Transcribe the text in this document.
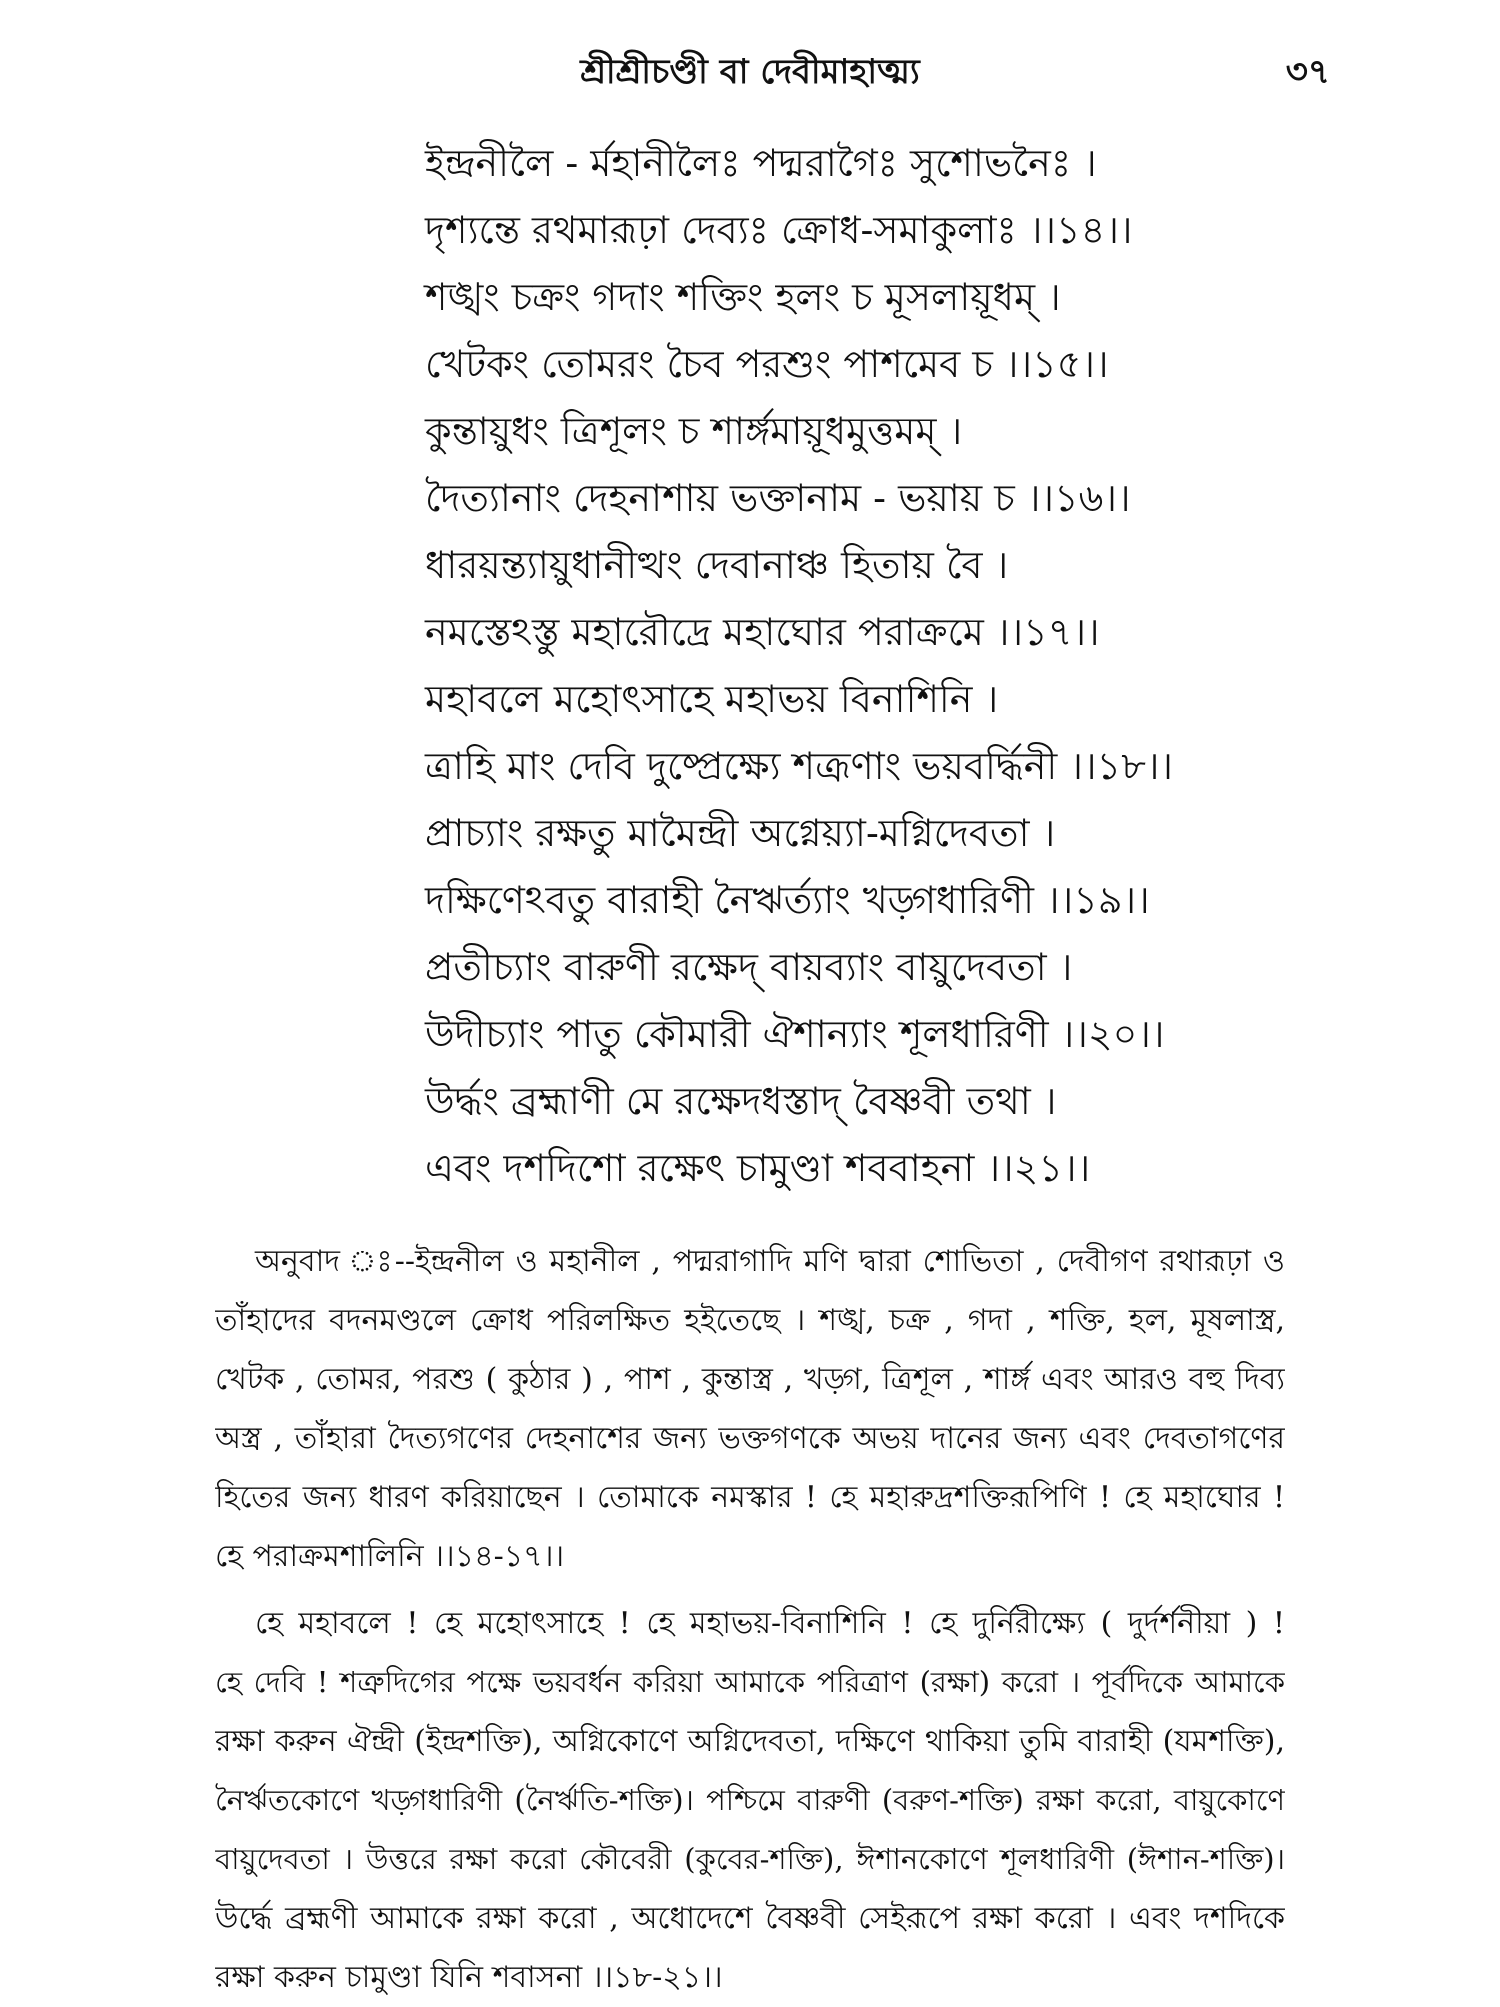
শ্রীশ্রীচণ্ডী বা দেবীমাহাত্ম্য	৩৭
ইন্দ্রনীলৈ - র্মহানীলৈঃ পদ্মরাগৈঃ সুশোভনৈঃ ।
দৃশ্যন্তে রথমারূঢ়া দেব্যঃ ক্রোধ-সমাকুলাঃ ।।১৪।।
শঙ্খং চক্রং গদাং শক্তিং হলং চ মূসলায়ূধম্ ।
খেটকং তোমরং চৈব পরশুং পাশমেব চ ।।১৫।।
কুন্তায়ুধং ত্রিশূলং চ শার্ঙ্গমায়ূধমুত্তমম্ ।
দৈত্যানাং দেহনাশায় ভক্তানাম - ভয়ায় চ ।।১৬।।
ধারয়ন্ত্যায়ুধানীত্থং দেবানাঞ্চ হিতায় বৈ ।
নমস্তেঽস্তু মহারৌদ্রে মহাঘোর পরাক্রমে ।।১৭।।
মহাবলে মহোৎসাহে মহাভয় বিনাশিনি ।
ত্রাহি মাং দেবি দুষ্প্রেক্ষ্যে শত্রূণাং ভয়বর্দ্ধিনী ।।১৮।।
প্রাচ্যাং রক্ষতু মামৈন্দ্রী অগ্নেয়্যা-মগ্নিদেবতা ।
দক্ষিণেঽবতু বারাহী নৈঋর্ত্যাং খড়্গধারিণী ।।১৯।।
প্রতীচ্যাং বারুণী রক্ষেদ্ বায়ব্যাং বায়ুদেবতা ।
উদীচ্যাং পাতু কৌমারী ঐশান্যাং শূলধারিণী ।।২০।।
উর্দ্ধং ব্রহ্মাণী মে রক্ষেদধস্তাদ্ বৈষ্ণবী তথা ।
এবং দশদিশো রক্ষেৎ চামুণ্ডা শববাহনা ।।২১।।
অনুবাদ ঃ--ইন্দ্রনীল ও মহানীল , পদ্মরাগাদি মণি দ্বারা শোভিতা , দেবীগণ রথারূঢ়া ও
তাঁহাদের বদনমণ্ডলে ক্রোধ পরিলক্ষিত হইতেছে । শঙ্খ, চক্র , গদা , শক্তি, হল, মূষলাস্ত্র,
খেটক , তোমর, পরশু ( কুঠার ) , পাশ , কুন্তাস্ত্র , খড়্গ, ত্রিশূল , শার্ঙ্গ এবং আরও বহু দিব্য
অস্ত্র , তাঁহারা দৈত্যগণের দেহনাশের জন্য ভক্তগণকে অভয় দানের জন্য এবং দেবতাগণের
হিতের জন্য ধারণ করিয়াছেন । তোমাকে নমস্কার ! হে মহারুদ্রশক্তিরূপিণি ! হে মহাঘোর !
হে পরাক্রমশালিনি ।।১৪-১৭।।
হে মহাবলে ! হে মহোৎসাহে ! হে মহাভয়-বিনাশিনি ! হে দুর্নিরীক্ষ্যে ( দুর্দর্শনীয়া ) !
হে দেবি ! শত্রুদিগের পক্ষে ভয়বর্ধন করিয়া আমাকে পরিত্রাণ (রক্ষা) করো । পূর্বদিকে আমাকে
রক্ষা করুন ঐন্দ্রী (ইন্দ্রশক্তি), অগ্নিকোণে অগ্নিদেবতা, দক্ষিণে থাকিয়া তুমি বারাহী (যমশক্তি),
নৈর্ঋতকোণে খড়্গধারিণী (নৈর্ঋতি-শক্তি)। পশ্চিমে বারুণী (বরুণ-শক্তি) রক্ষা করো, বায়ুকোণে
বায়ুদেবতা । উত্তরে রক্ষা করো কৌবেরী (কুবের-শক্তি), ঈশানকোণে শূলধারিণী (ঈশান-শক্তি)।
উর্দ্ধে ব্রহ্মণী আমাকে রক্ষা করো , অধোদেশে বৈষ্ণবী সেইরূপে রক্ষা করো । এবং দশদিকে
রক্ষা করুন চামুণ্ডা যিনি শবাসনা ।।১৮-২১।।
